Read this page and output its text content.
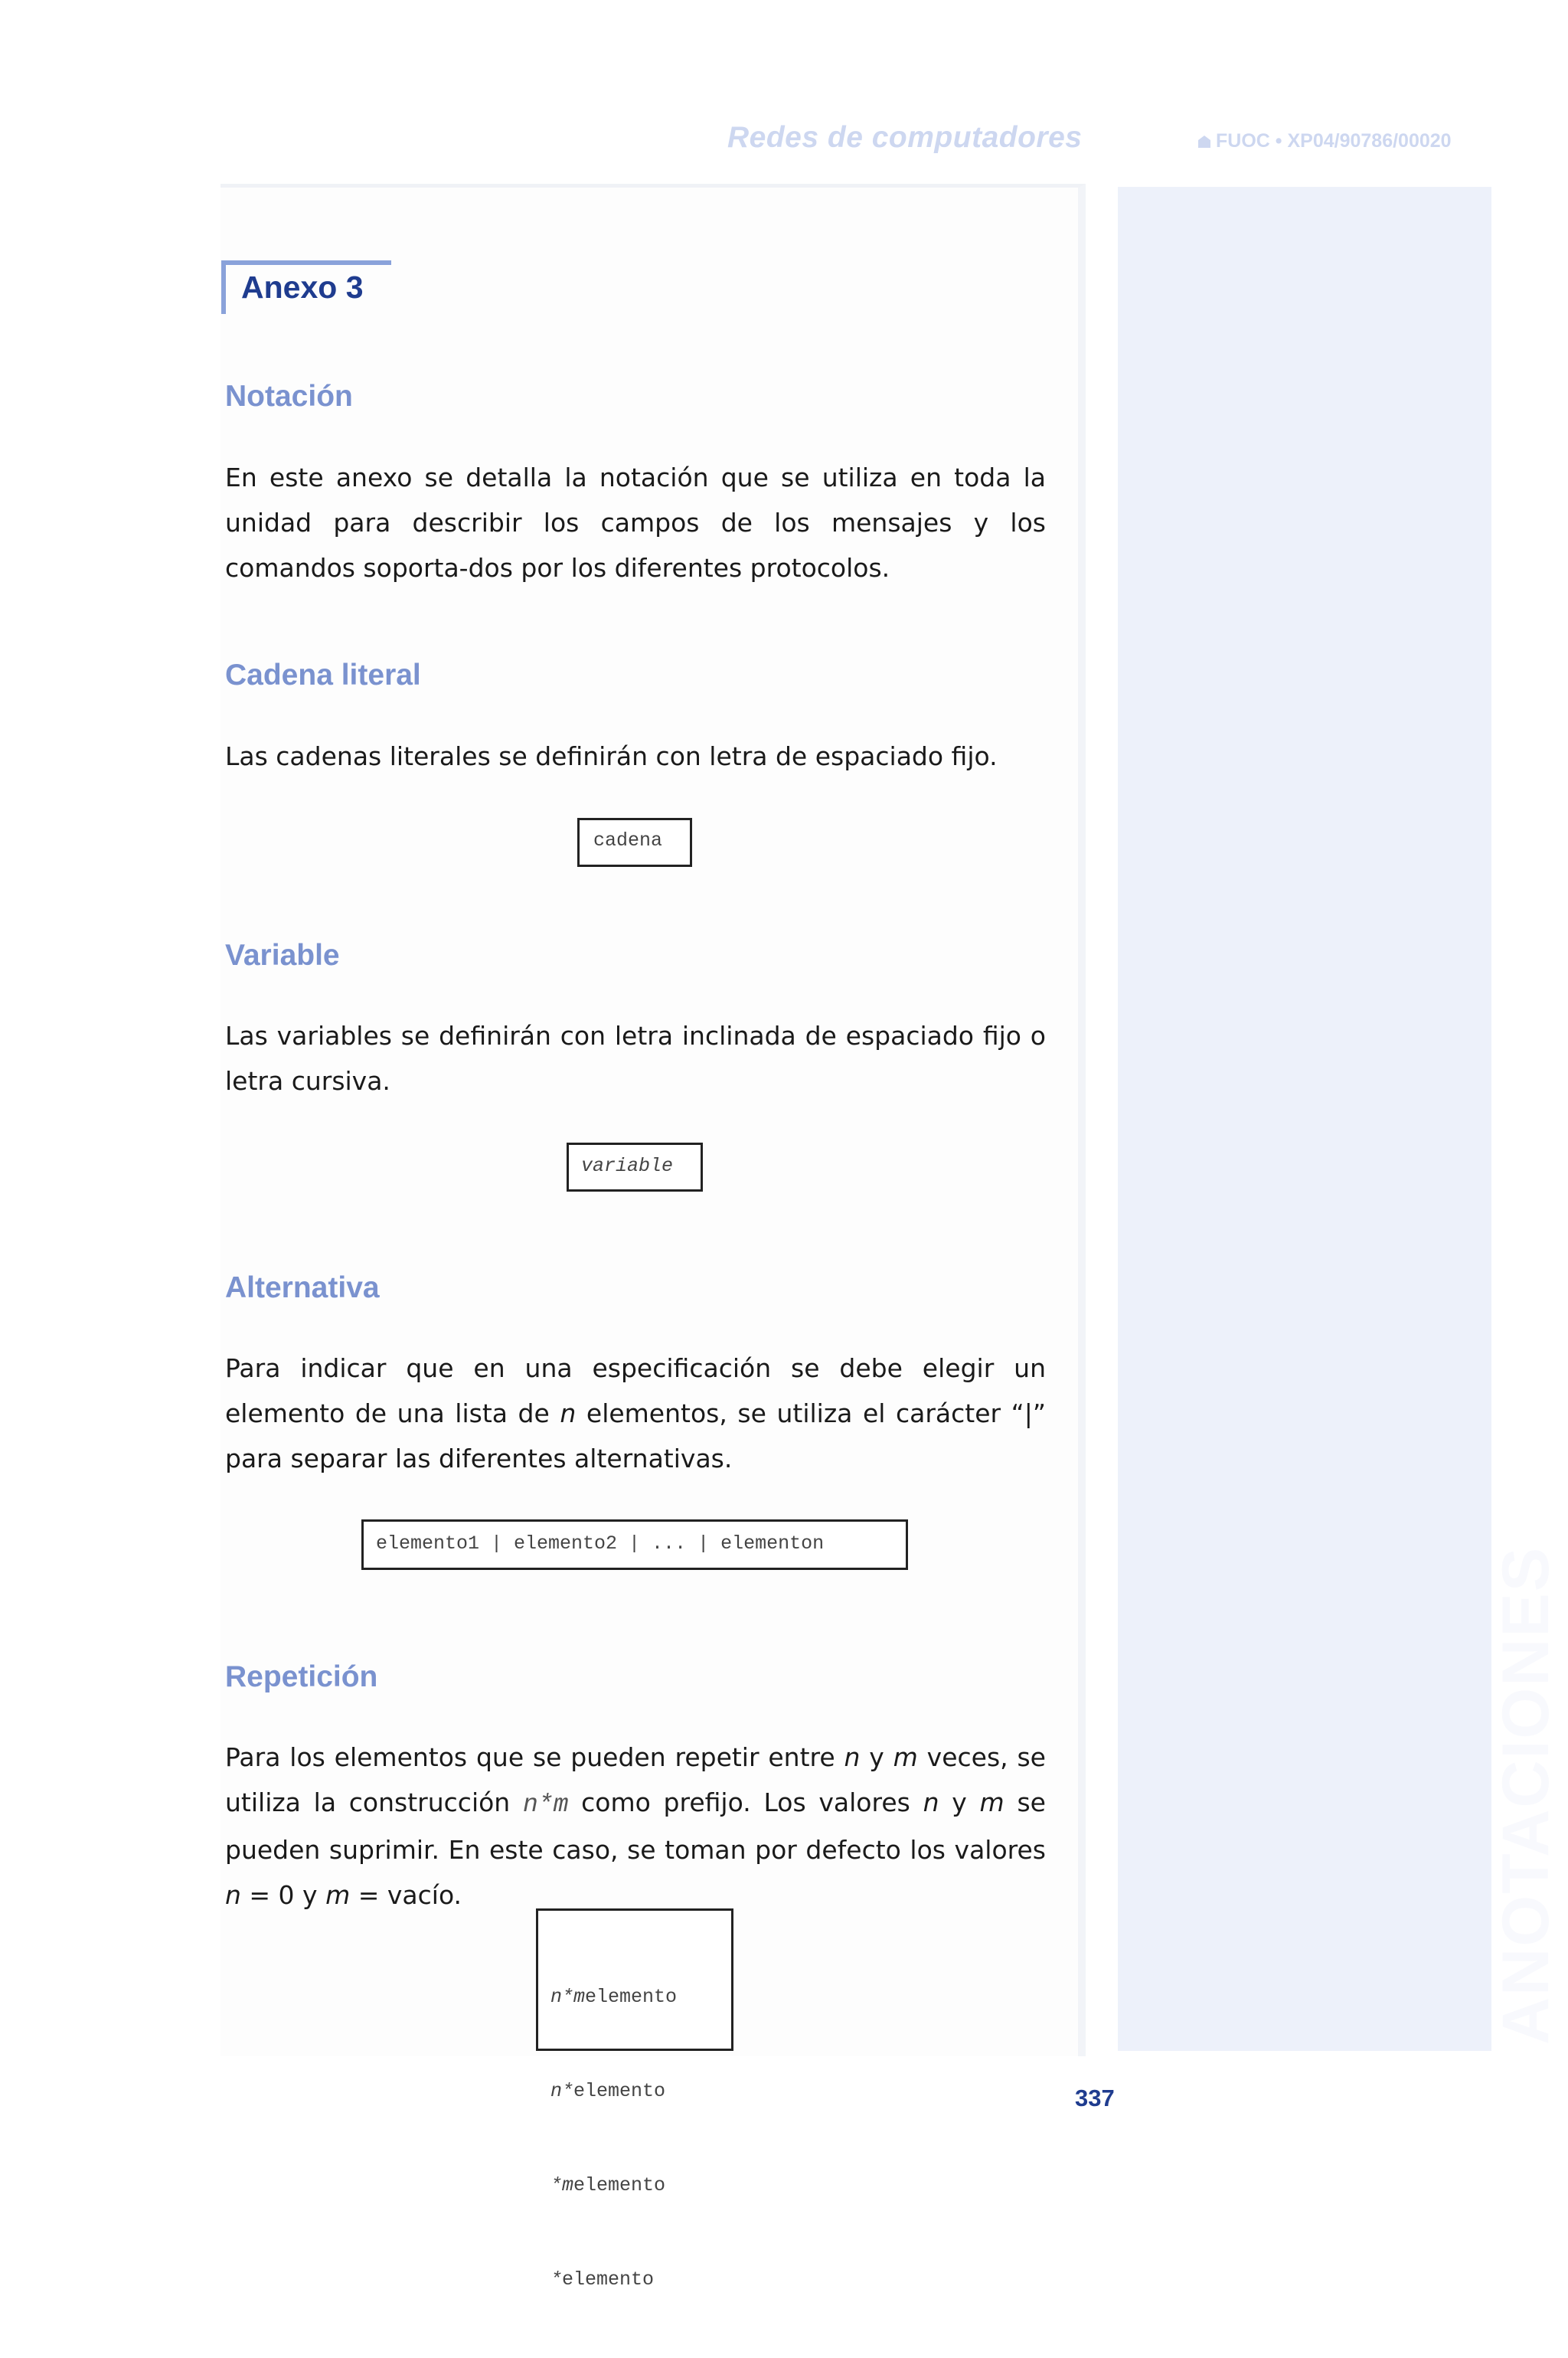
Redes de computadores	FUOC • XP04/90786/00020
ANOTACIONES
Anexo 3
Notación

En este anexo se detalla la notación que se utiliza en toda la unidad para describir los campos de los mensajes y los comandos soporta-dos por los diferentes protocolos.

Cadena literal

Las cadenas literales se definirán con letra de espaciado fijo.

cadena
Variable

Las variables se definirán con letra inclinada de espaciado fijo o letra cursiva.

variable
Alternativa

Para indicar que en una especificación se debe elegir un elemento de una lista de n elementos, se utiliza el carácter “|” para separar las diferentes alternativas.

elemento1 | elemento2 | ... | elementon
Repetición

Para los elementos que se pueden repetir entre n y m veces, se utiliza la construcción n*m como prefijo. Los valores n y m se pueden suprimir. En este caso, se toman por defecto los valores n = 0 y m = vacío.

n*melemento

n*elemento

*melemento

*elemento

337
